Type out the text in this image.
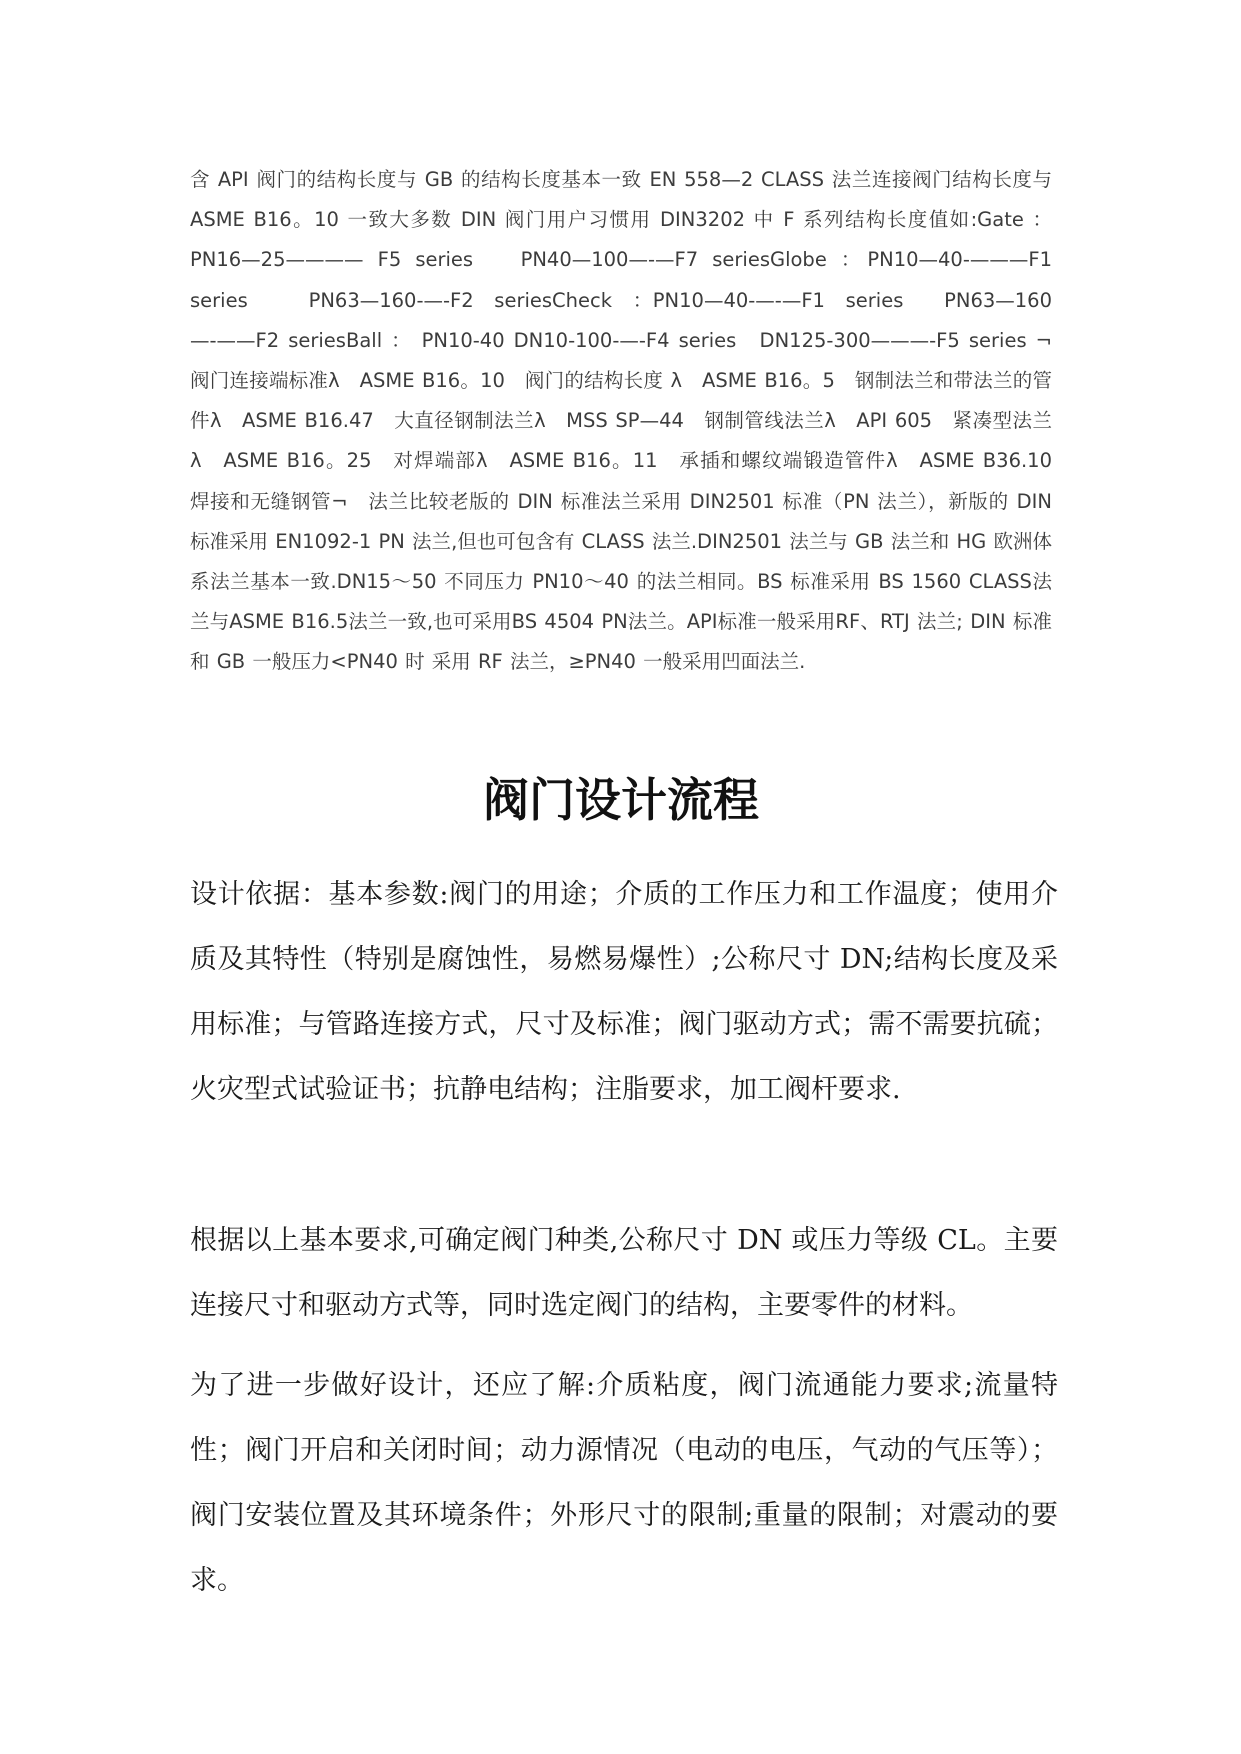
含 API 阀门的结构长度与 GB 的结构长度基本一致 EN 558—2 CLASS 法兰连接阀门结构长度与 ASME B16。10 一致大多数 DIN 阀门用户习惯用 DIN3202 中 F 系列结构长度值如:Gate ： PN16—25———— F5 series　 PN40—100—-—F7 seriesGlobe ：PN10—40-———F1　series　　　PN63—160-—-F2　seriesCheck　：PN10—40-—-—F1　series　　PN63—160—-——F2 seriesBall ： PN10-40 DN10-100-—-F4 series　DN125-300———-F5 series ¬　　阀门连接端标准λ　ASME B16。10　阀门的结构长度 λ　ASME B16。5　钢制法兰和带法兰的管件λ　ASME B16.47　大直径钢制法兰λ　MSS SP—44　钢制管线法兰λ　API 605　紧凑型法兰 λ　ASME B16。25　对焊端部λ　ASME B16。11　承插和螺纹端锻造管件λ　ASME B36.10　焊接和无缝钢管¬　法兰比较老版的 DIN 标准法兰采用 DIN2501 标准（PN 法兰），新版的 DIN 标准采用 EN1092-1 PN 法兰,但也可包含有 CLASS 法兰.DIN2501 法兰与 GB 法兰和 HG 欧洲体系法兰基本一致.DN15～50 不同压力 PN10～40 的法兰相同。BS 标准采用 BS 1560 CLASS法兰与ASME B16.5法兰一致,也可采用BS 4504 PN法兰。API标准一般采用RF、RTJ 法兰; DIN 标准和 GB 一般压力<PN40 时 采用 RF 法兰，≥PN40 一般采用凹面法兰.

阀门设计流程

设计依据：基本参数:阀门的用途；介质的工作压力和工作温度；使用介质及其特性（特别是腐蚀性，易燃易爆性）;公称尺寸 DN;结构长度及采用标准；与管路连接方式，尺寸及标准；阀门驱动方式；需不需要抗硫；火灾型式试验证书；抗静电结构；注脂要求，加工阀杆要求.

根据以上基本要求,可确定阀门种类,公称尺寸 DN 或压力等级 CL。主要连接尺寸和驱动方式等，同时选定阀门的结构，主要零件的材料。

为了进一步做好设计，还应了解:介质粘度，阀门流通能力要求;流量特性；阀门开启和关闭时间；动力源情况（电动的电压，气动的气压等）；阀门安装位置及其环境条件；外形尺寸的限制;重量的限制；对震动的要求。
